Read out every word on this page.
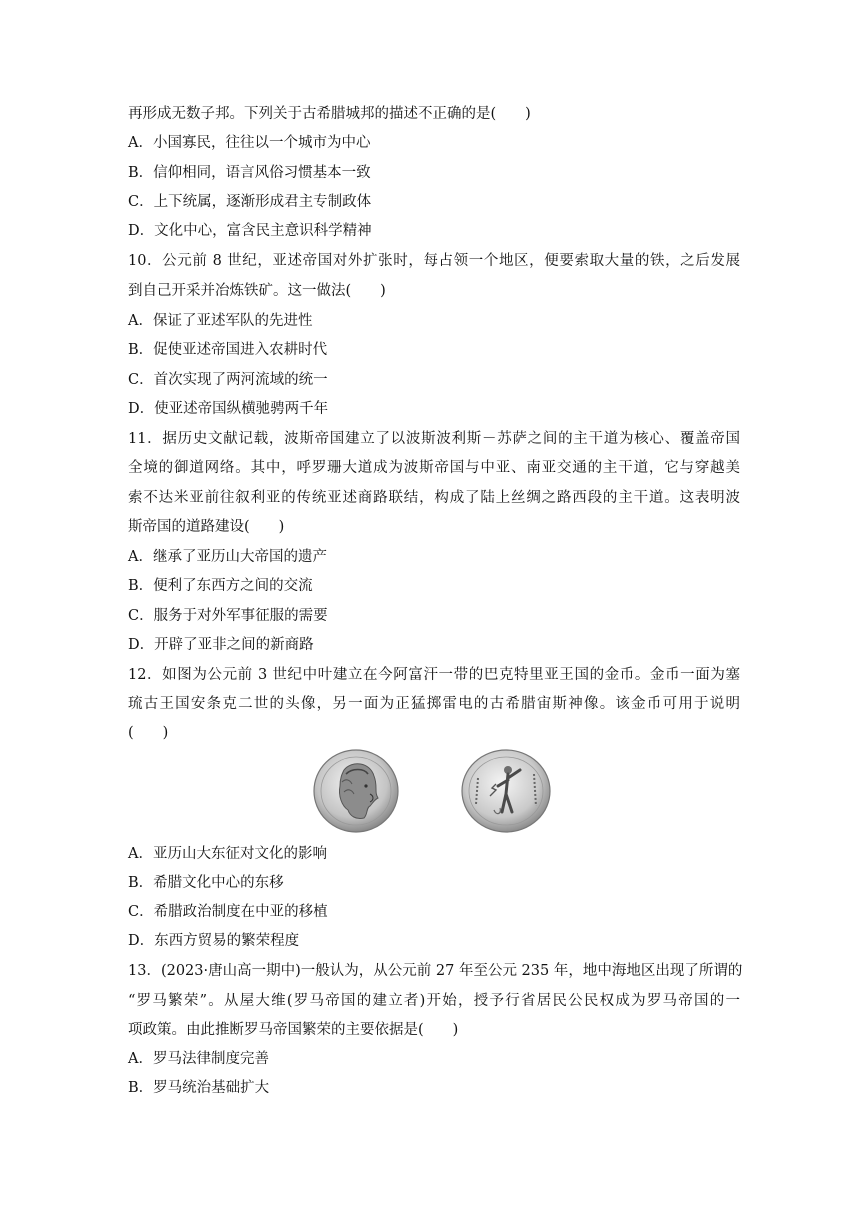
再形成无数子邦。下列关于古希腊城邦的描述不正确的是(　　)
A．小国寡民，往往以一个城市为中心
B．信仰相同，语言风俗习惯基本一致
C．上下统属，逐渐形成君主专制政体
D．文化中心，富含民主意识科学精神
10．公元前 8 世纪，亚述帝国对外扩张时，每占领一个地区，便要索取大量的铁，之后发展
到自己开采并冶炼铁矿。这一做法(　　)
A．保证了亚述军队的先进性
B．促使亚述帝国进入农耕时代
C．首次实现了两河流域的统一
D．使亚述帝国纵横驰骋两千年
11．据历史文献记载，波斯帝国建立了以波斯波利斯－苏萨之间的主干道为核心、覆盖帝国
全境的御道网络。其中，呼罗珊大道成为波斯帝国与中亚、南亚交通的主干道，它与穿越美
索不达米亚前往叙利亚的传统亚述商路联结，构成了陆上丝绸之路西段的主干道。这表明波
斯帝国的道路建设(　　)
A．继承了亚历山大帝国的遗产
B．便利了东西方之间的交流
C．服务于对外军事征服的需要
D．开辟了亚非之间的新商路
12．如图为公元前 3 世纪中叶建立在今阿富汗一带的巴克特里亚王国的金币。金币一面为塞
琉古王国安条克二世的头像，另一面为正猛掷雷电的古希腊宙斯神像。该金币可用于说明
(　　)
A．亚历山大东征对文化的影响
B．希腊文化中心的东移
C．希腊政治制度在中亚的移植
D．东西方贸易的繁荣程度
13．(2023·唐山高一期中)一般认为，从公元前 27 年至公元 235 年，地中海地区出现了所谓的
“罗马繁荣”。从屋大维(罗马帝国的建立者)开始，授予行省居民公民权成为罗马帝国的一
项政策。由此推断罗马帝国繁荣的主要依据是(　　)
A．罗马法律制度完善
B．罗马统治基础扩大
